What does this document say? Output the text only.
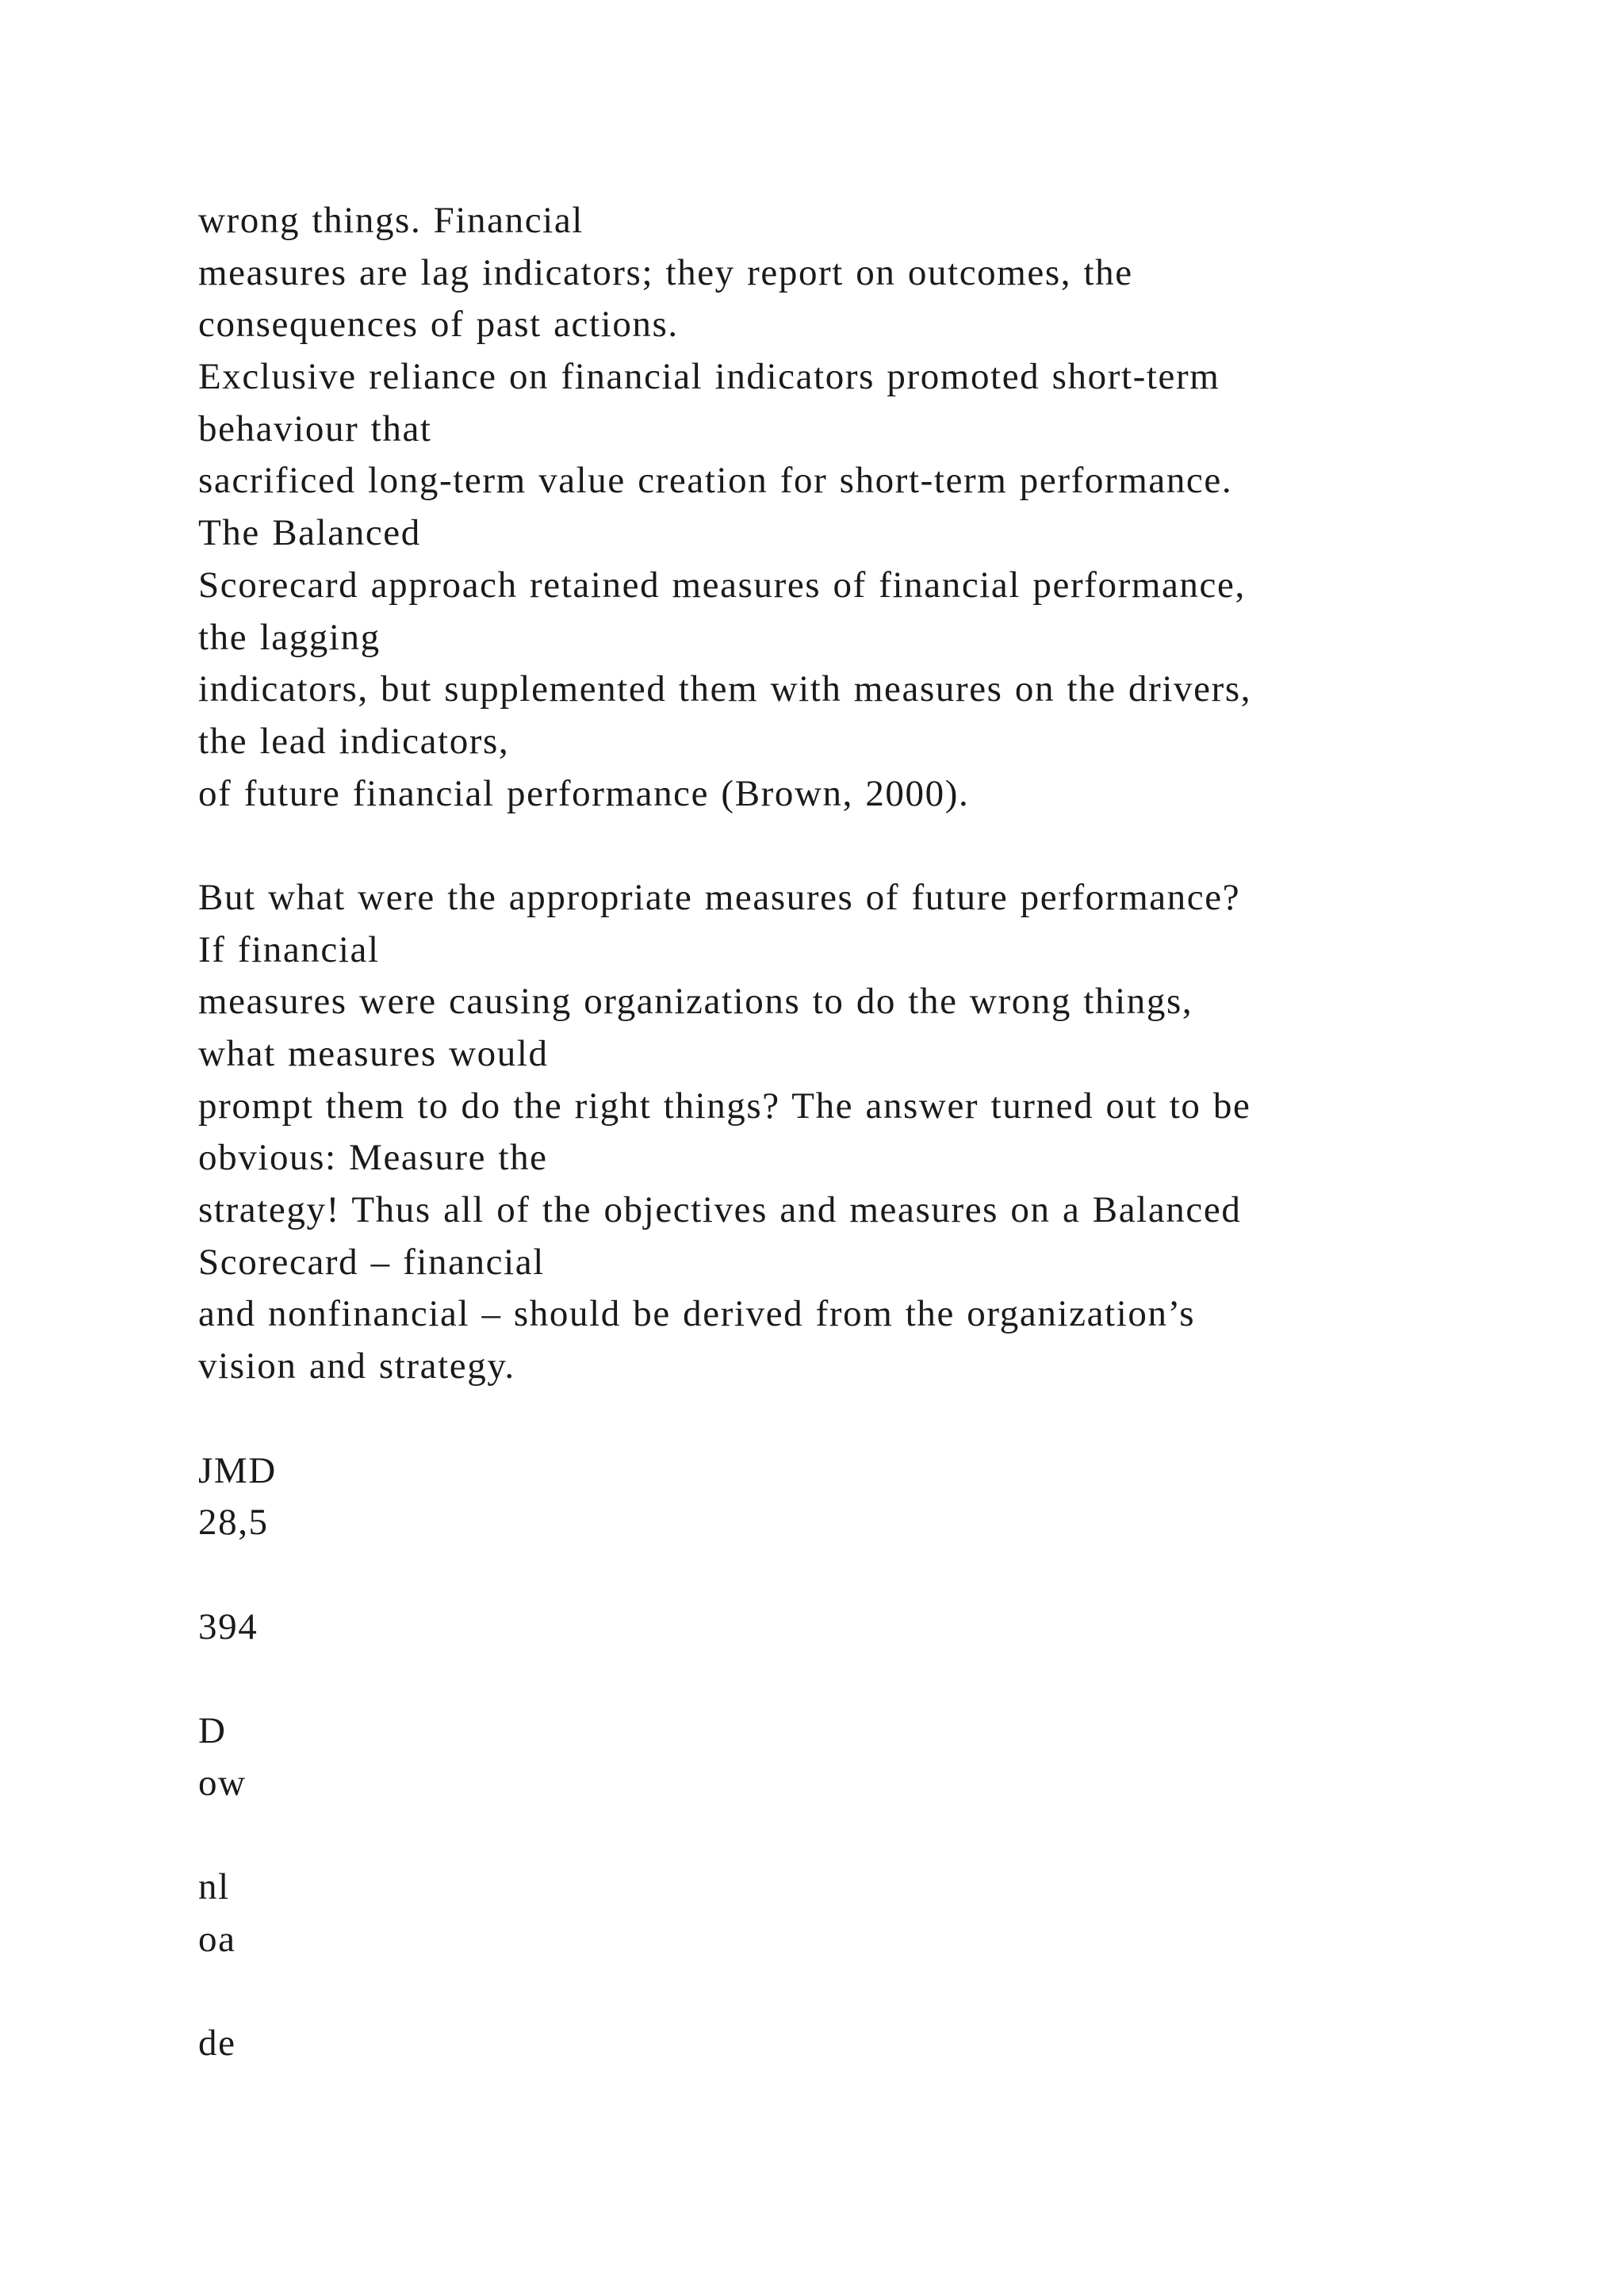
wrong things. Financial
measures are lag indicators; they report on outcomes, the
consequences of past actions.
Exclusive reliance on financial indicators promoted short-term
behaviour that
sacrificed long-term value creation for short-term performance.
The Balanced
Scorecard approach retained measures of financial performance,
the lagging
indicators, but supplemented them with measures on the drivers,
the lead indicators,
of future financial performance (Brown, 2000).
But what were the appropriate measures of future performance?
If financial
measures were causing organizations to do the wrong things,
what measures would
prompt them to do the right things? The answer turned out to be
obvious: Measure the
strategy! Thus all of the objectives and measures on a Balanced
Scorecard – financial
and nonfinancial – should be derived from the organization’s
vision and strategy.
JMD
28,5
394
D
ow
nl
oa
de
